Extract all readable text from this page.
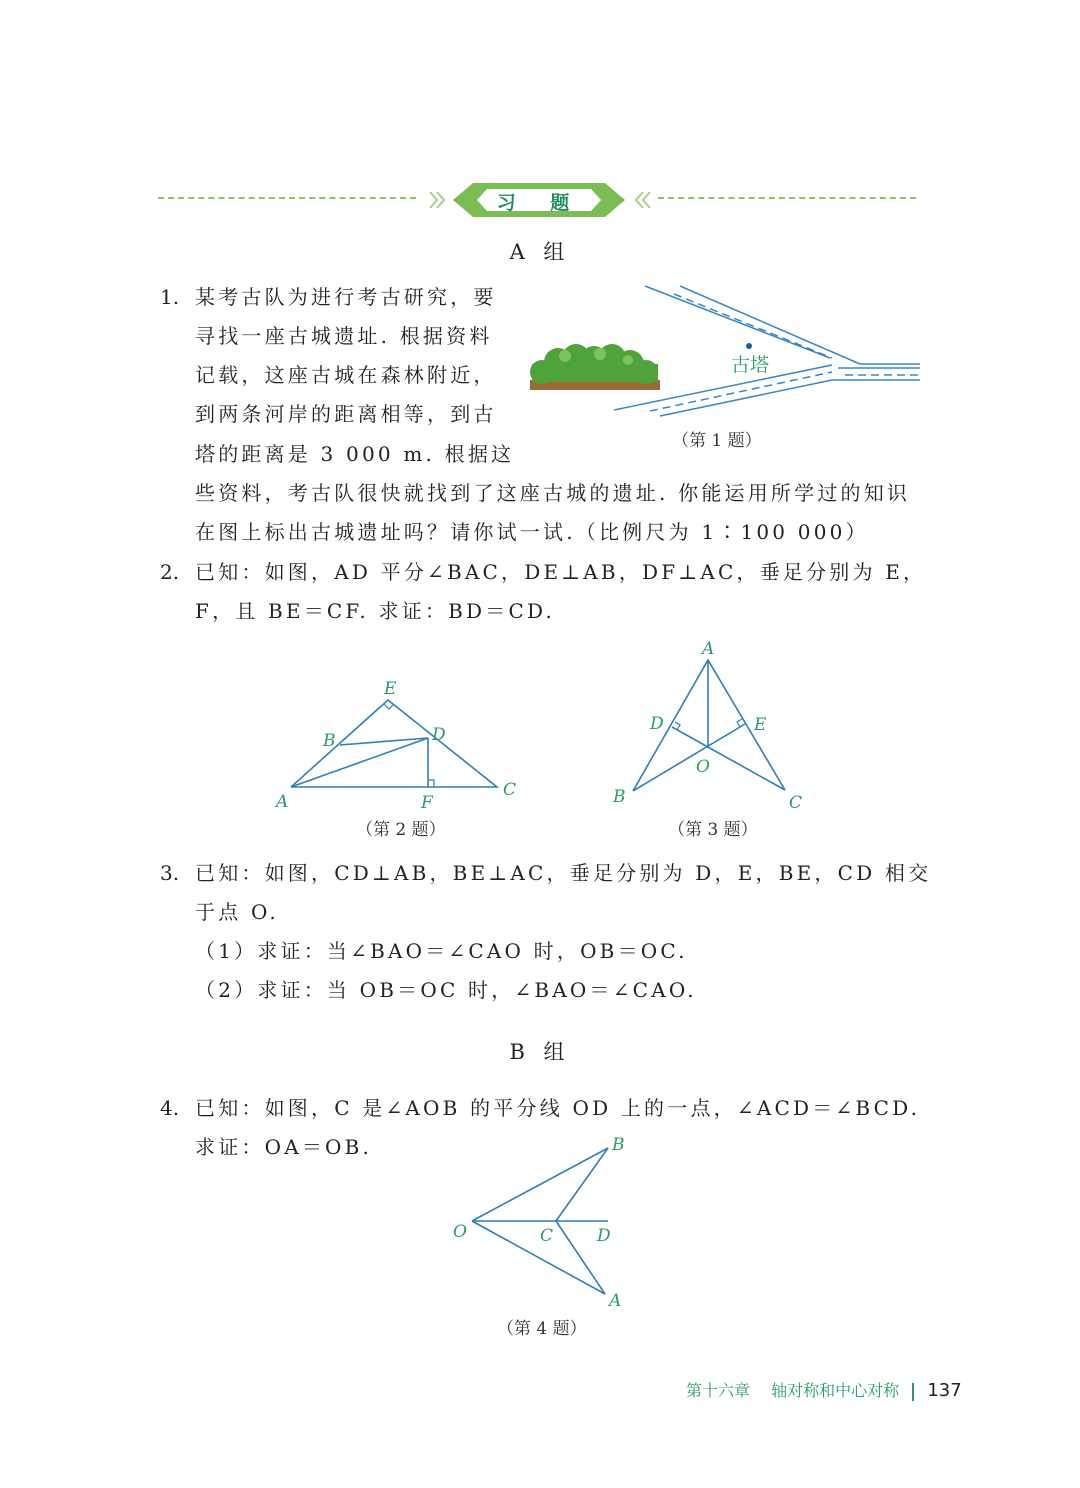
习 题
A 组
1. 某考古队为进行考古研究，要
寻找一座古城遗址. 根据资料
记载，这座古城在森林附近，
到两条河岸的距离相等，到古
塔的距离是 3 000 m. 根据这
些资料，考古队很快就找到了这座古城的遗址. 你能运用所学过的知识
在图上标出古城遗址吗？请你试一试.（比例尺为 1∶100 000）
古塔
（第 1 题）
2. 已知：如图，AD 平分∠BAC，DE⊥AB，DF⊥AC，垂足分别为 E，
F，且 BE＝CF. 求证：BD＝CD.
E
B	D
A	F
C
A
D	E
O
B	C
B
O	C	D
A
（第 2 题）	（第 3 题）
3. 已知：如图，CD⊥AB，BE⊥AC，垂足分别为 D，E，BE，CD 相交
于点 O.
（1）求证：当∠BAO＝∠CAO 时，OB＝OC.
（2）求证：当 OB＝OC 时，∠BAO＝∠CAO.
B 组
4. 已知：如图，C 是∠AOB 的平分线 OD 上的一点，∠ACD＝∠BCD.
求证：OA＝OB.
（第 4 题）
第十六章 轴对称和中心对称 137
